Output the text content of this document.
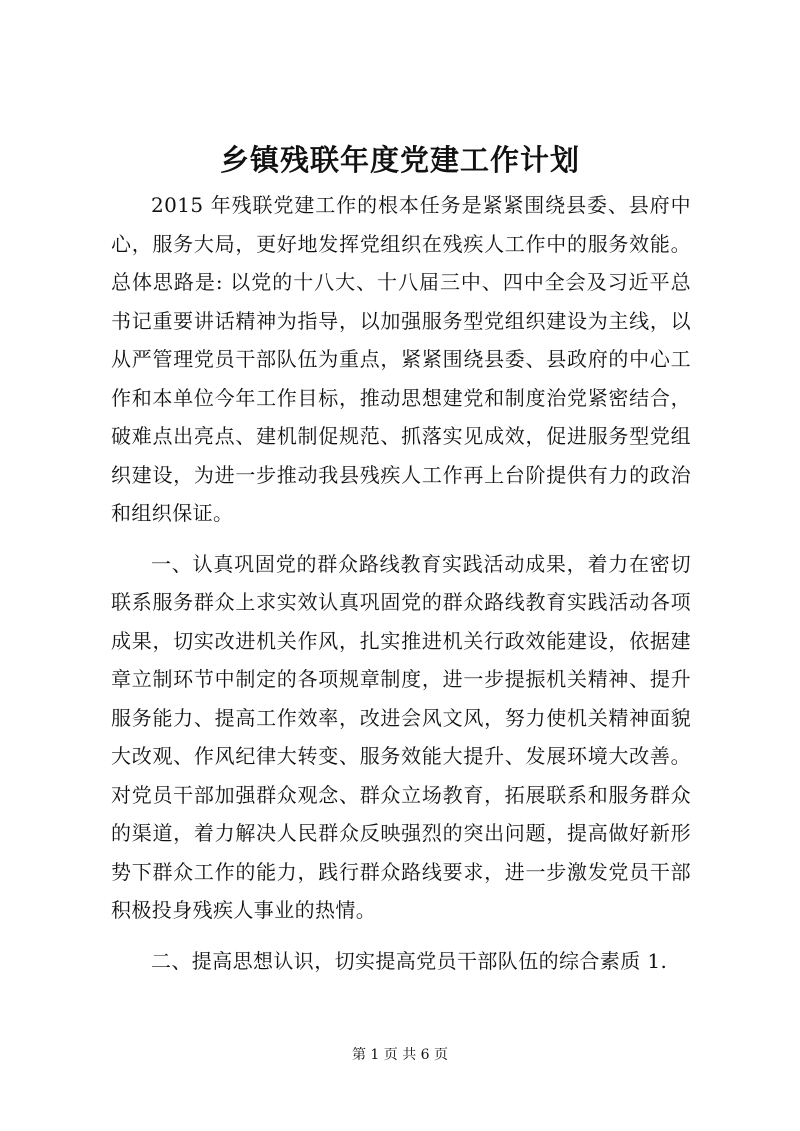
乡镇残联年度党建工作计划

2015 年残联党建工作的根本任务是紧紧围绕县委、县府中心，服务大局，更好地发挥党组织在残疾人工作中的服务效能。总体思路是: 以党的十八大、十八届三中、四中全会及习近平总书记重要讲话精神为指导，以加强服务型党组织建设为主线，以从严管理党员干部队伍为重点，紧紧围绕县委、县政府的中心工作和本单位今年工作目标，推动思想建党和制度治党紧密结合，破难点出亮点、建机制促规范、抓落实见成效，促进服务型党组织建设，为进一步推动我县残疾人工作再上台阶提供有力的政治和组织保证。

一、认真巩固党的群众路线教育实践活动成果，着力在密切联系服务群众上求实效认真巩固党的群众路线教育实践活动各项成果，切实改进机关作风，扎实推进机关行政效能建设，依据建章立制环节中制定的各项规章制度，进一步提振机关精神、提升服务能力、提高工作效率，改进会风文风，努力使机关精神面貌大改观、作风纪律大转变、服务效能大提升、发展环境大改善。对党员干部加强群众观念、群众立场教育，拓展联系和服务群众的渠道，着力解决人民群众反映强烈的突出问题，提高做好新形势下群众工作的能力，践行群众路线要求，进一步激发党员干部积极投身残疾人事业的热情。

二、提高思想认识，切实提高党员干部队伍的综合素质 1.

第 1 页 共 6 页
